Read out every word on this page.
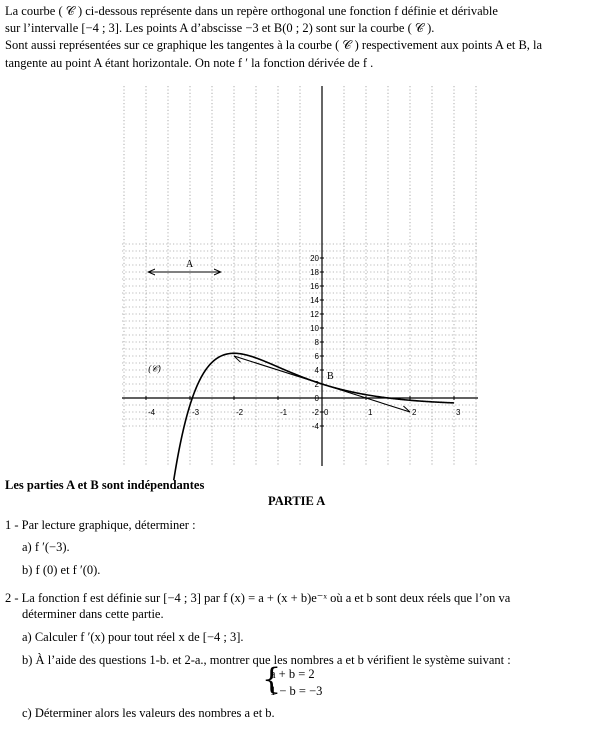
La courbe ( 𝒞 ) ci-dessous représente dans un repère orthogonal une fonction f définie et dérivable
sur l’intervalle [−4 ; 3]. Les points A d’abscisse −3 et B(0 ; 2) sont sur la courbe ( 𝒞 ).
Sont aussi représentées sur ce graphique les tangentes à la courbe ( 𝒞 ) respectivement aux points A et B, la
tangente au point A étant horizontale. On note f ′ la fonction dérivée de f .
-4	-3	-2	-1	0	1	2	3
-4
-2
0
2
4
6
8
10
12
14
16
18
20
A
B
(𝒞)
Les parties A et B sont indépendantes
PARTIE A
1 - Par lecture graphique, déterminer :
a) f ′(−3).
b) f (0) et f ′(0).
2 - La fonction f est définie sur [−4 ; 3] par f (x) = a + (x + b)e⁻ˣ où a et b sont deux réels que l’on va
déterminer dans cette partie.
a) Calculer f ′(x) pour tout réel x de [−4 ; 3].
b) À l’aide des questions 1-b. et 2-a., montrer que les nombres a et b vérifient le système suivant :
{
a + b = 2
1 − b = −3
c) Déterminer alors les valeurs des nombres a et b.
